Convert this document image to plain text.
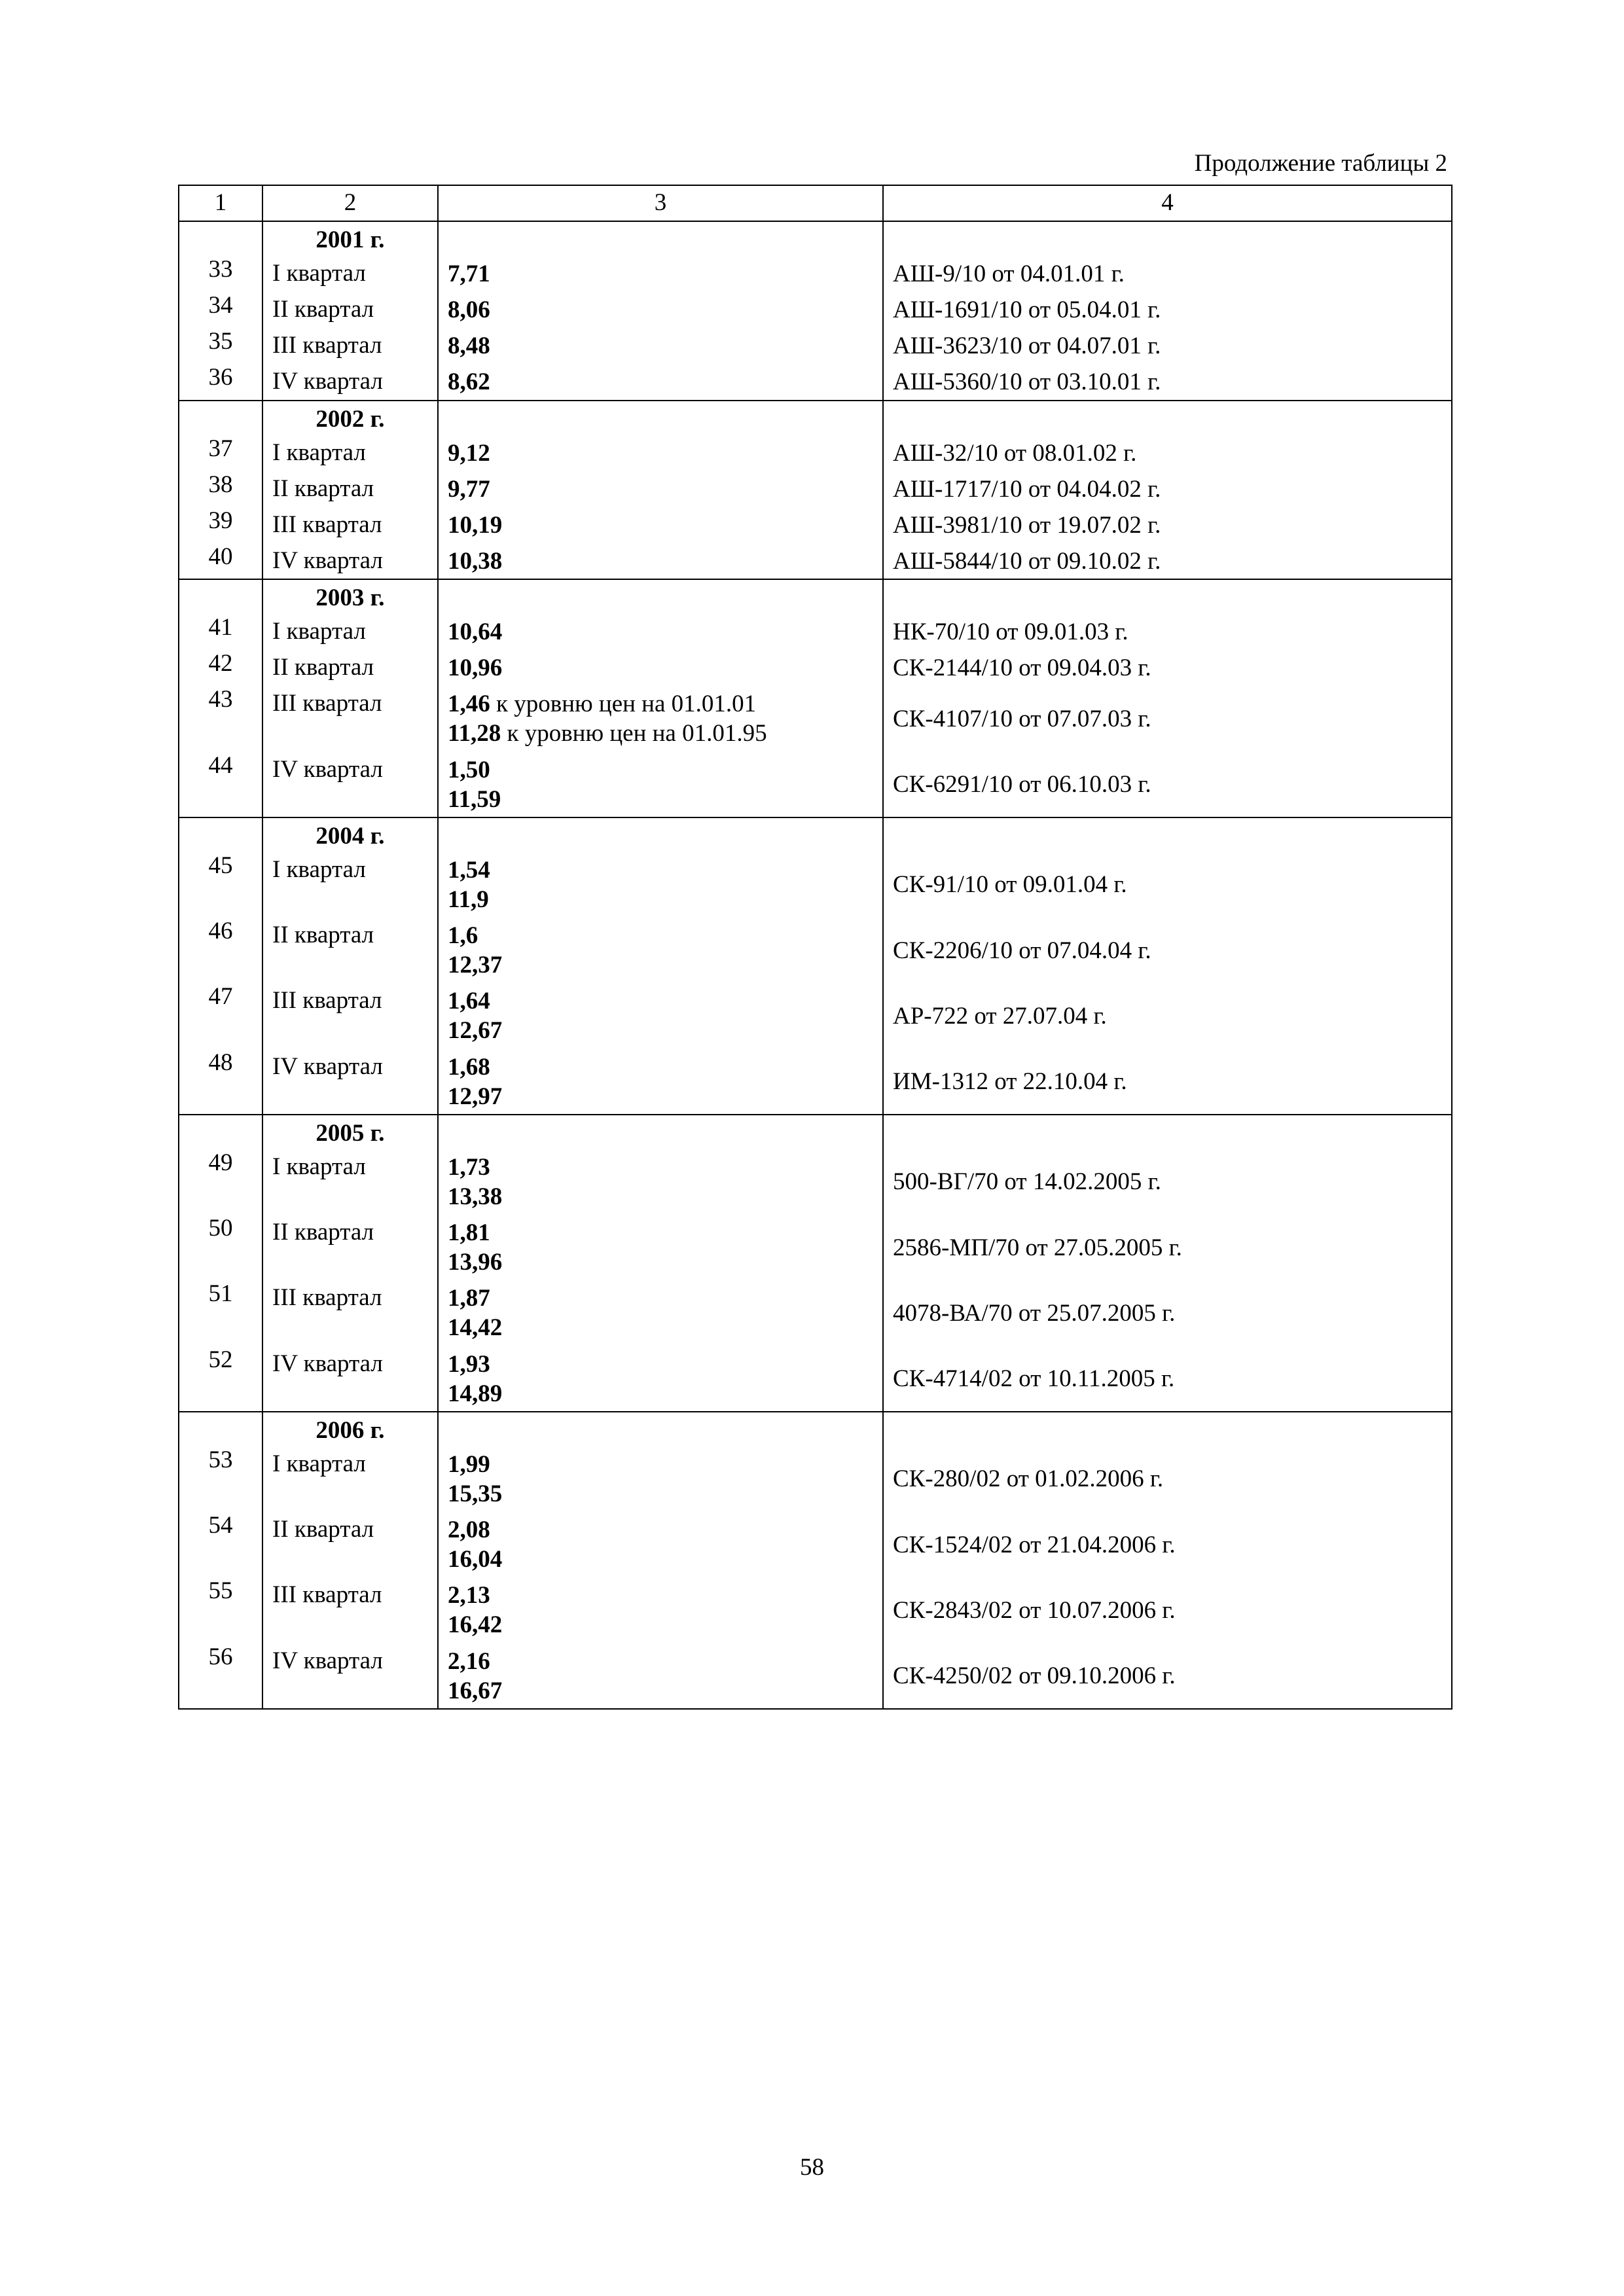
Продолжение таблицы 2
1	2	3	4
	2001 г.		
33	I квартал	7,71	АШ-9/10 от 04.01.01 г.
34	II квартал	8,06	АШ-1691/10 от 05.04.01 г.
35	III квартал	8,48	АШ-3623/10 от 04.07.01 г.
36	IV квартал	8,62	АШ-5360/10 от 03.10.01 г.
	2002 г.		
37	I квартал	9,12	АШ-32/10 от 08.01.02 г.
38	II квартал	9,77	АШ-1717/10 от 04.04.02 г.
39	III квартал	10,19	АШ-3981/10 от 19.07.02 г.
40	IV квартал	10,38	АШ-5844/10 от 09.10.02 г.
	2003 г.		
41	I квартал	10,64	НК-70/10 от 09.01.03 г.
42	II квартал	10,96	СК-2144/10 от 09.04.03 г.
43	III квартал	1,46 к уровню цен на 01.01.01
11,28 к уровню цен на 01.01.95	СК-4107/10 от 07.07.03 г.
44	IV квартал	1,50
11,59	СК-6291/10 от 06.10.03 г.
	2004 г.		
45	I квартал	1,54
11,9	СК-91/10 от 09.01.04 г.
46	II квартал	1,6
12,37	СК-2206/10 от 07.04.04 г.
47	III квартал	1,64
12,67	АР-722 от 27.07.04 г.
48	IV квартал	1,68
12,97	ИМ-1312 от 22.10.04 г.
	2005 г.		
49	I квартал	1,73
13,38	500-ВГ/70 от 14.02.2005 г.
50	II квартал	1,81
13,96	2586-МП/70 от 27.05.2005 г.
51	III квартал	1,87
14,42	4078-ВА/70 от 25.07.2005 г.
52	IV квартал	1,93
14,89	СК-4714/02 от 10.11.2005 г.
	2006 г.		
53	I квартал	1,99
15,35	СК-280/02 от 01.02.2006 г.
54	II квартал	2,08
16,04	СК-1524/02 от 21.04.2006 г.
55	III квартал	2,13
16,42	СК-2843/02 от 10.07.2006 г.
56	IV квартал	2,16
16,67	СК-4250/02 от 09.10.2006 г.
58
